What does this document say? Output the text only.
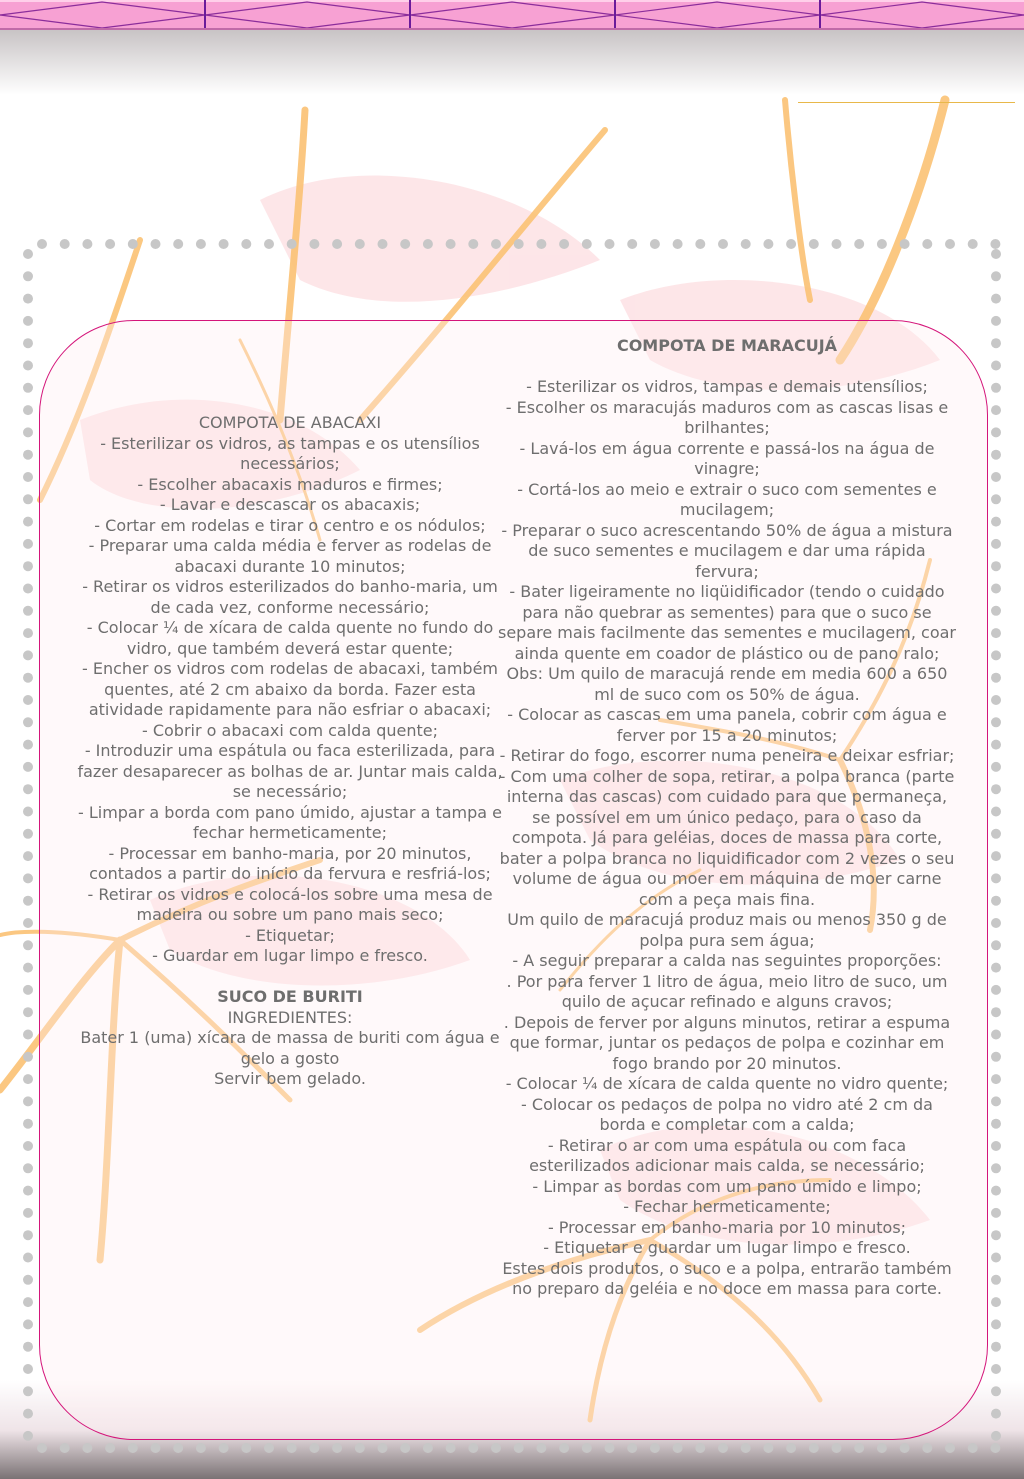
COMPOTA DE ABACAXI

- Esterilizar os vidros, as tampas e os utensílios necessários;

- Escolher abacaxis maduros e firmes;

- Lavar e descascar os abacaxis;

- Cortar em rodelas e tirar o centro e os nódulos;

- Preparar uma calda média e ferver as rodelas de abacaxi durante 10 minutos;

- Retirar os vidros esterilizados do banho-maria, um de cada vez, conforme necessário;

- Colocar ¼ de xícara de calda quente no fundo do vidro, que também deverá estar quente;

- Encher os vidros com rodelas de abacaxi, também quentes, até 2 cm abaixo da borda. Fazer esta atividade rapidamente para não esfriar o abacaxi;

- Cobrir o abacaxi com calda quente;

- Introduzir uma espátula ou faca esterilizada, para fazer desaparecer as bolhas de ar. Juntar mais calda, se necessário;

- Limpar a borda com pano úmido, ajustar a tampa e fechar hermeticamente;

- Processar em banho-maria, por 20 minutos, contados a partir do início da fervura e resfriá-los;

- Retirar os vidros e colocá-los sobre uma mesa de madeira ou sobre um pano mais seco;

- Etiquetar;

- Guardar em lugar limpo e fresco.

SUCO DE BURITI

INGREDIENTES:

Bater 1 (uma) xícara de massa de buriti com água e gelo a gosto

Servir bem gelado.

COMPOTA DE MARACUJÁ

- Esterilizar os vidros, tampas e demais utensílios;

- Escolher os maracujás maduros com as cascas lisas e brilhantes;

- Lavá-los em água corrente e passá-los na água de vinagre;

- Cortá-los ao meio e extrair o suco com sementes e mucilagem;

- Preparar o suco acrescentando 50% de água a mistura de suco sementes e mucilagem e dar uma rápida fervura;

- Bater ligeiramente no liqüidificador (tendo o cuidado para não quebrar as sementes) para que o suco se separe mais facilmente das sementes e mucilagem, coar ainda quente em coador de plástico ou de pano ralo;

Obs: Um quilo de maracujá rende em media 600 a 650 ml de suco com os 50% de água.

- Colocar as cascas em uma panela, cobrir com água e ferver por 15 a 20 minutos;

- Retirar do fogo, escorrer numa peneira e deixar esfriar;

- Com uma colher de sopa, retirar, a polpa branca (parte interna das cascas) com cuidado para que permaneça, se possível em um único pedaço, para o caso da compota. Já para geléias, doces de massa para corte, bater a polpa branca no liquidificador com 2 vezes o seu volume de água ou moer em máquina de moer carne com a peça mais fina.

Um quilo de maracujá produz mais ou menos 350 g de polpa pura sem água;

- A seguir preparar a calda nas seguintes proporções:

. Por para ferver 1 litro de água, meio litro de suco, um quilo de açucar refinado e alguns cravos;

. Depois de ferver por alguns minutos, retirar a espuma que formar, juntar os pedaços de polpa e cozinhar em fogo brando por 20 minutos.

- Colocar ¼ de xícara de calda quente no vidro quente;

- Colocar os pedaços de polpa no vidro até 2 cm da borda e completar com a calda;

- Retirar o ar com uma espátula ou com faca esterilizados adicionar mais calda, se necessário;

- Limpar as bordas com um pano úmido e limpo;

- Fechar hermeticamente;

- Processar em banho-maria por 10 minutos;

- Etiquetar e guardar um lugar limpo e fresco.

Estes dois produtos, o suco e a polpa, entrarão também no preparo da geléia e no doce em massa para corte.
